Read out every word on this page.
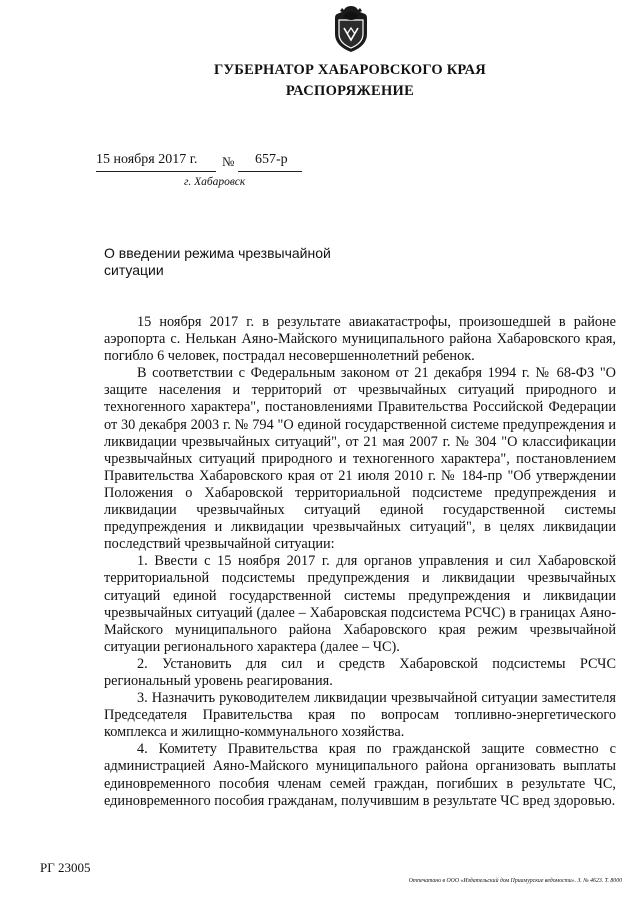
ГУБЕРНАТОР ХАБАРОВСКОГО КРАЯ
РАСПОРЯЖЕНИЕ
15 ноября 2017 г. № 657-р
г. Хабаровск
О введении режима чрезвычайной ситуации

15 ноября 2017 г. в результате авиакатастрофы, произошедшей в районе аэропорта с. Нелькан Аяно-Майского муниципального района Хабаровского края, погибло 6 человек, пострадал несовершеннолетний ребенок.

В соответствии с Федеральным законом от 21 декабря 1994 г. № 68-ФЗ "О защите населения и территорий от чрезвычайных ситуаций природного и техногенного характера", постановлениями Правительства Российской Федерации от 30 декабря 2003 г. № 794 "О единой государственной системе предупреждения и ликвидации чрезвычайных ситуаций", от 21 мая 2007 г. № 304 "О классификации чрезвычайных ситуаций природного и техногенного характера", постановлением Правительства Хабаровского края от 21 июля 2010 г. № 184-пр "Об утверждении Положения о Хабаровской территориальной подсистеме предупреждения и ликвидации чрезвычайных ситуаций единой государственной системы предупреждения и ликвидации чрезвычайных ситуаций", в целях ликвидации последствий чрезвычайной ситуации:

1. Ввести с 15 ноября 2017 г. для органов управления и сил Хабаровской территориальной подсистемы предупреждения и ликвидации чрезвычайных ситуаций единой государственной системы предупреждения и ликвидации чрезвычайных ситуаций (далее – Хабаровская подсистема РСЧС) в границах Аяно-Майского муниципального района Хабаровского края режим чрезвычайной ситуации регионального характера (далее – ЧС).

2. Установить для сил и средств Хабаровской подсистемы РСЧС региональный уровень реагирования.

3. Назначить руководителем ликвидации чрезвычайной ситуации заместителя Председателя Правительства края по вопросам топливно-энергетического комплекса и жилищно-коммунального хозяйства.

4. Комитету Правительства края по гражданской защите совместно с администрацией Аяно-Майского муниципального района организовать выплаты единовременного пособия членам семей граждан, погибших в результате ЧС, единовременного пособия гражданам, получившим в результате ЧС вред здоровью.

РГ 23005
Отпечатано в ООО «Издательский дом Приамурские ведомости». З. № 4623. Т. 8000
